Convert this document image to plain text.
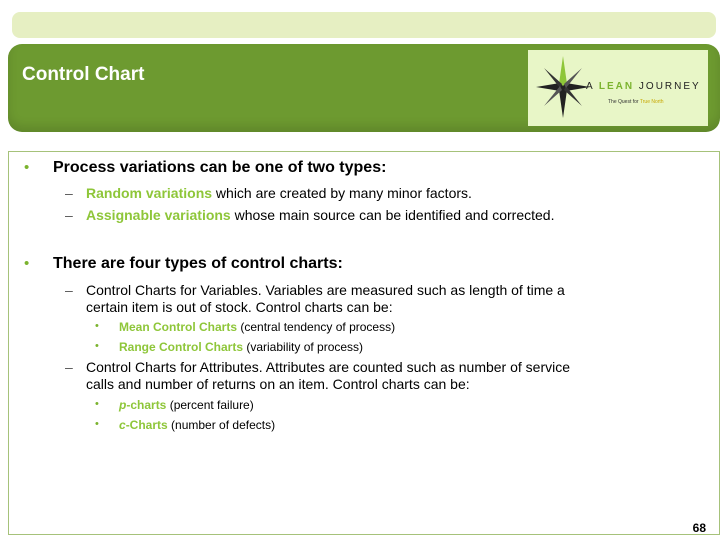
Control Chart
A LEAN JOURNEY
The Quest for True North
• Process variations can be one of two types:
– Random variations which are created by many minor factors.
– Assignable variations whose main source can be identified and corrected.
• There are four types of control charts:
– Control Charts for Variables. Variables are measured such as length of time a
certain item is out of stock. Control charts can be:
• Mean Control Charts (central tendency of process)
• Range Control Charts (variability of process)
– Control Charts for Attributes. Attributes are counted such as number of service
calls and number of returns on an item. Control charts can be:
• p-charts (percent failure)
• c-Charts (number of defects)
68
